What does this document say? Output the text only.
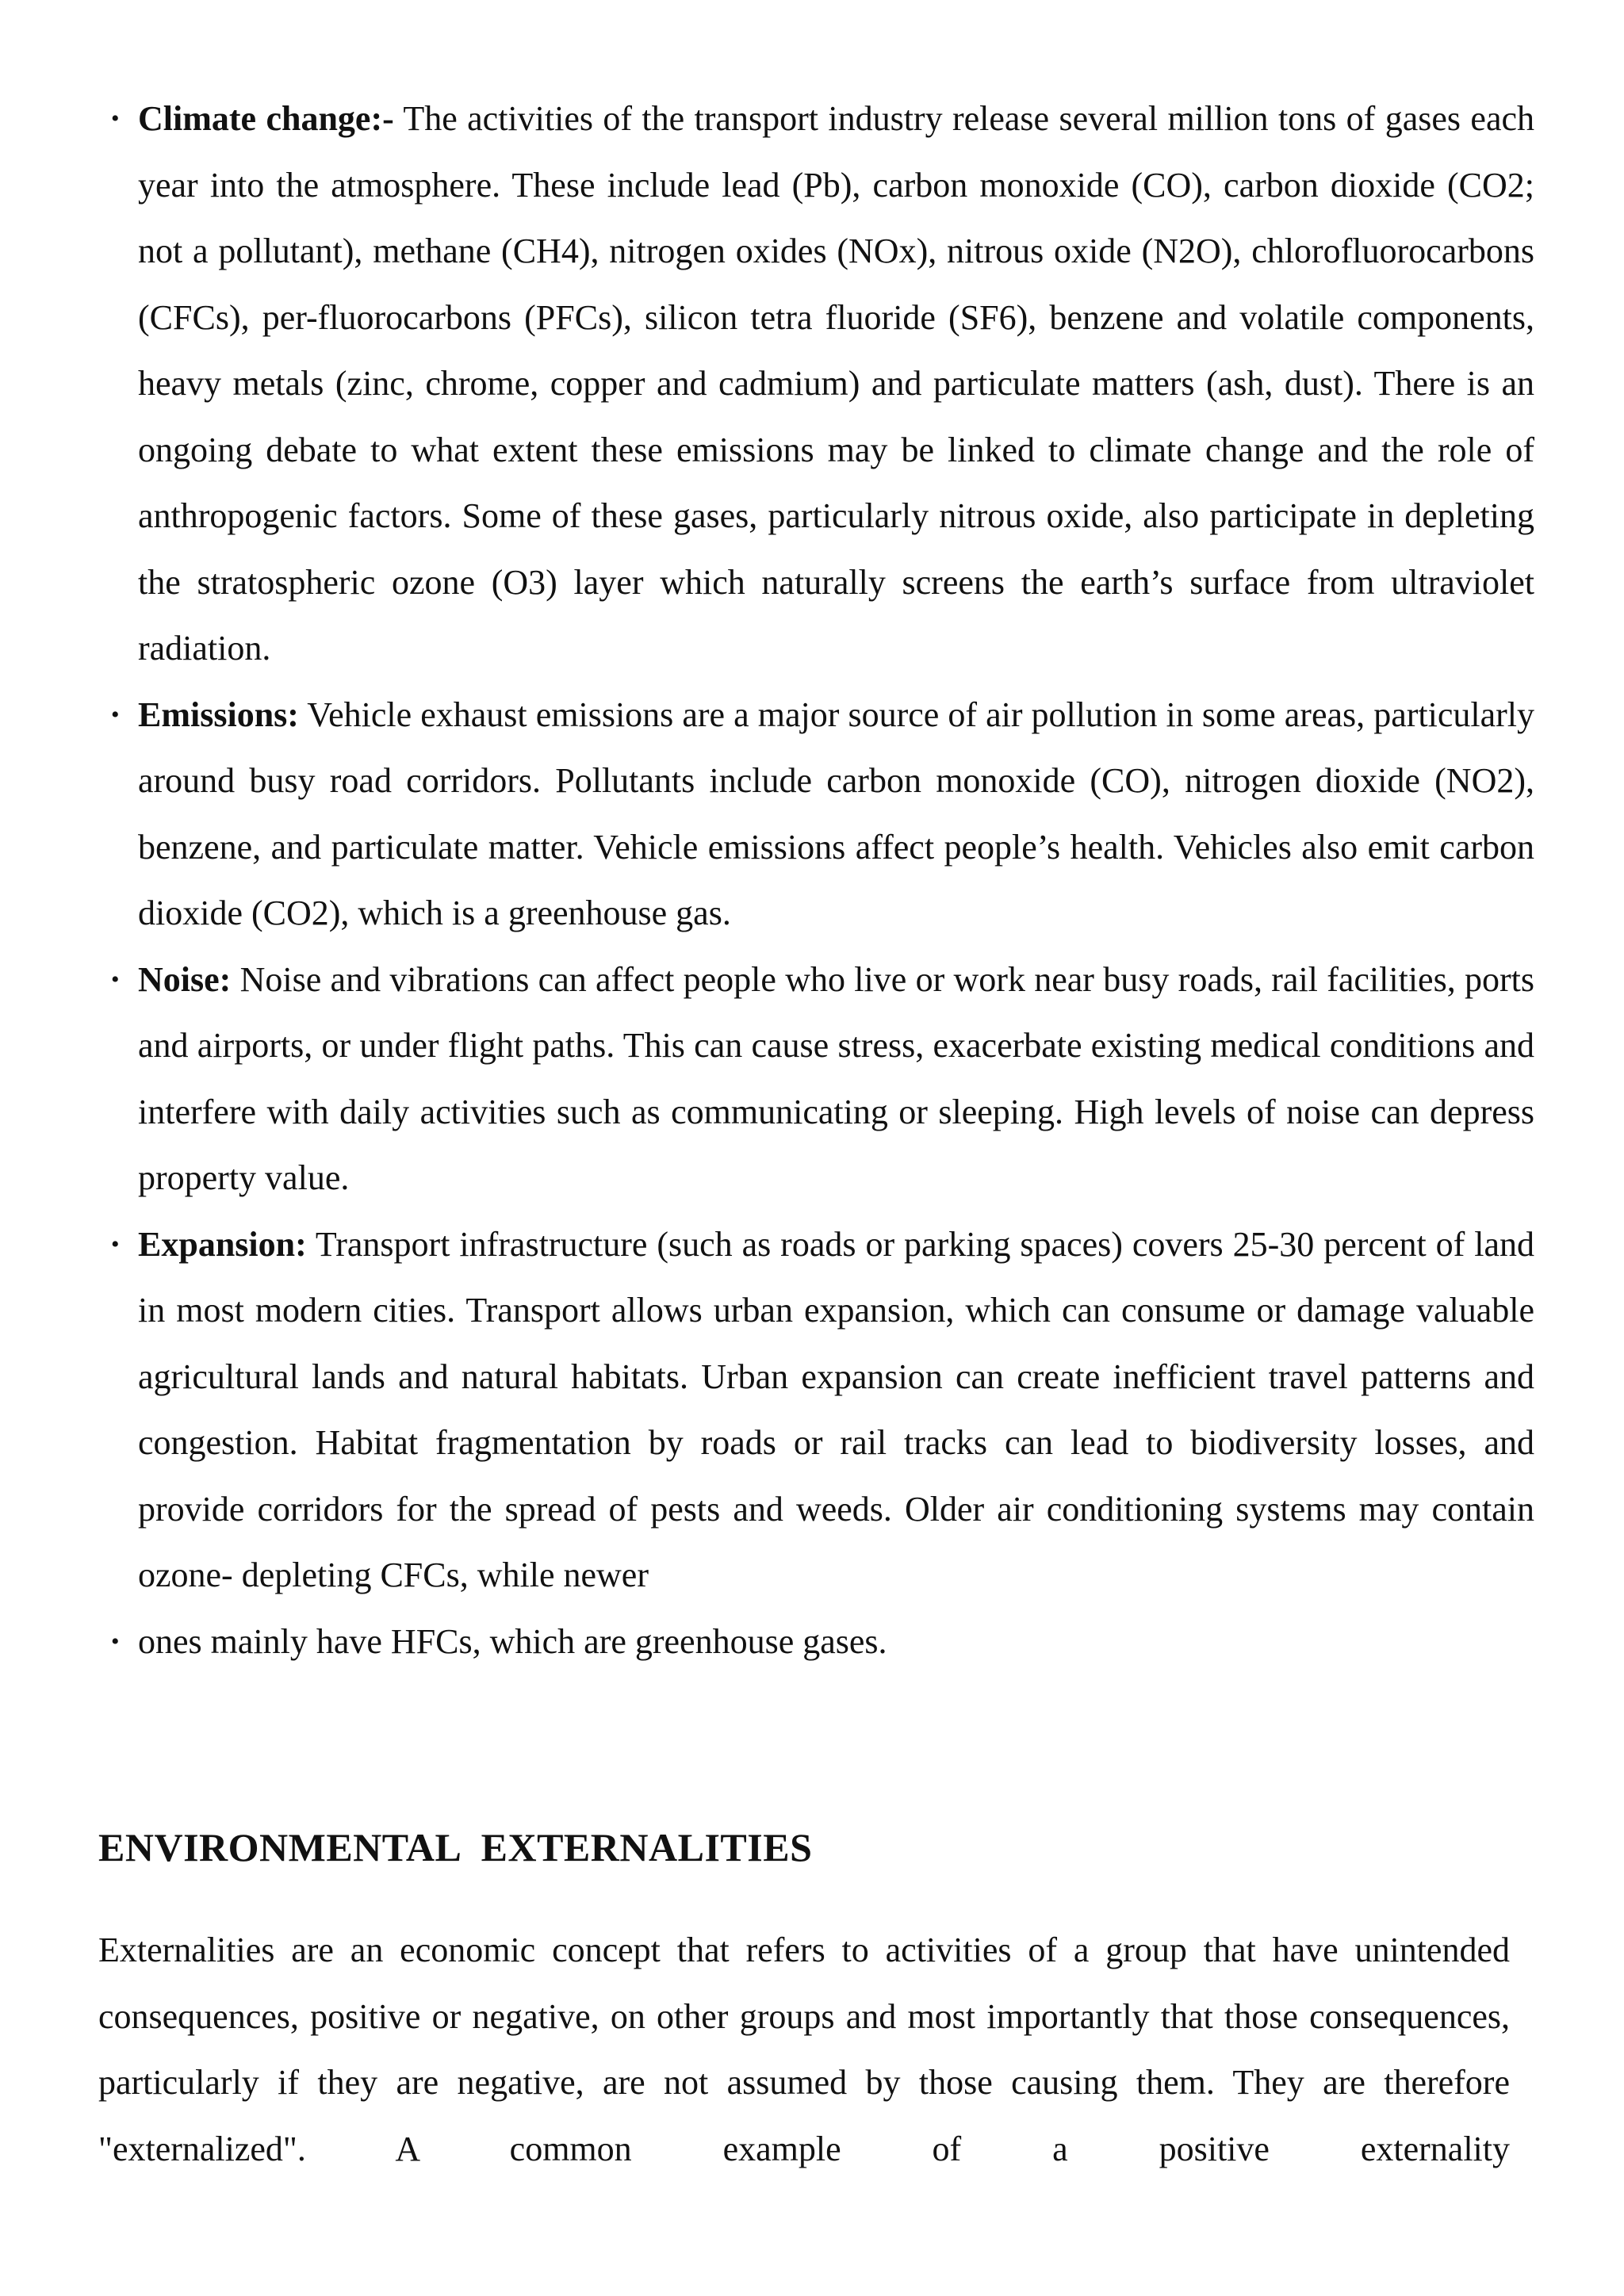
• Climate change:- The activities of the transport industry release several million tons of gases each year into the atmosphere. These include lead (Pb), carbon monoxide (CO), carbon dioxide (CO2; not a pollutant), methane (CH4), nitrogen oxides (NOx), nitrous oxide (N2O), chlorofluorocarbons (CFCs), per-fluorocarbons (PFCs), silicon tetra fluoride (SF6), benzene and volatile components, heavy metals (zinc, chrome, copper and cadmium) and particulate matters (ash, dust). There is an ongoing debate to what extent these emissions may be linked to climate change and the role of anthropogenic factors. Some of these gases, particularly nitrous oxide, also participate in depleting the stratospheric ozone (O3) layer which naturally screens the earth’s surface from ultraviolet radiation.
• Emissions: Vehicle exhaust emissions are a major source of air pollution in some areas, particularly around busy road corridors. Pollutants include carbon monoxide (CO), nitrogen dioxide (NO2), benzene, and particulate matter. Vehicle emissions affect people’s health. Vehicles also emit carbon dioxide (CO2), which is a greenhouse gas.
• Noise: Noise and vibrations can affect people who live or work near busy roads, rail facilities, ports and airports, or under flight paths. This can cause stress, exacerbate existing medical conditions and interfere with daily activities such as communicating or sleeping. High levels of noise can depress property value.
• Expansion: Transport infrastructure (such as roads or parking spaces) covers 25-30 percent of land in most modern cities. Transport allows urban expansion, which can consume or damage valuable agricultural lands and natural habitats. Urban expansion can create inefficient travel patterns and congestion. Habitat fragmentation by roads or rail tracks can lead to biodiversity losses, and provide corridors for the spread of pests and weeds. Older air conditioning systems may contain ozone- depleting CFCs, while newer
• ones mainly have HFCs, which are greenhouse gases.
ENVIRONMENTAL EXTERNALITIES

Externalities are an economic concept that refers to activities of a group that have unintended consequences, positive or negative, on other groups and most importantly that those consequences, particularly if they are negative, are not assumed by those causing them. They are therefore "externalized". A common example of a positive externality
